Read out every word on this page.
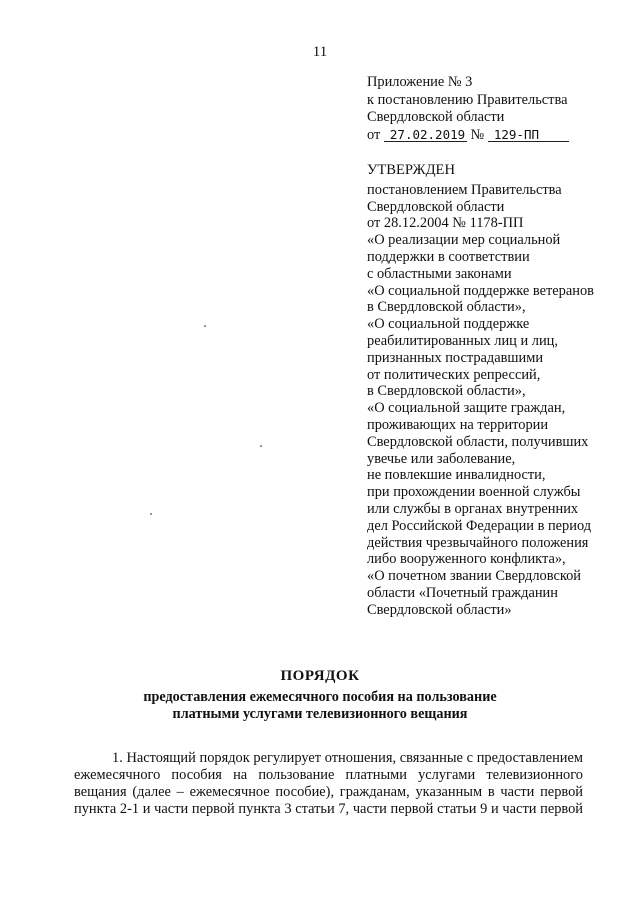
11
Приложение № 3
к постановлению Правительства
Свердловской области
от 27.02.2019 № 129-ПП
УТВЕРЖДЕН
постановлением Правительства
Свердловской области
от 28.12.2004 № 1178-ПП
«О реализации мер социальной
поддержки в соответствии
с областными законами
«О социальной поддержке ветеранов
в Свердловской области»,
«О социальной поддержке
реабилитированных лиц и лиц,
признанных пострадавшими
от политических репрессий,
в Свердловской области»,
«О социальной защите граждан,
проживающих на территории
Свердловской области, получивших
увечье или заболевание,
не повлекшие инвалидности,
при прохождении военной службы
или службы в органах внутренних
дел Российской Федерации в период
действия чрезвычайного положения
либо вооруженного конфликта»,
«О почетном звании Свердловской
области «Почетный гражданин
Свердловской области»
ПОРЯДОК
предоставления ежемесячного пособия на пользование
платными услугами телевизионного вещания
1. Настоящий порядок регулирует отношения, связанные с предоставлением
ежемесячного пособия на пользование платными услугами телевизионного
вещания (далее – ежемесячное пособие), гражданам, указанным в части первой
пункта 2-1 и части первой пункта 3 статьи 7, части первой статьи 9 и части первой
